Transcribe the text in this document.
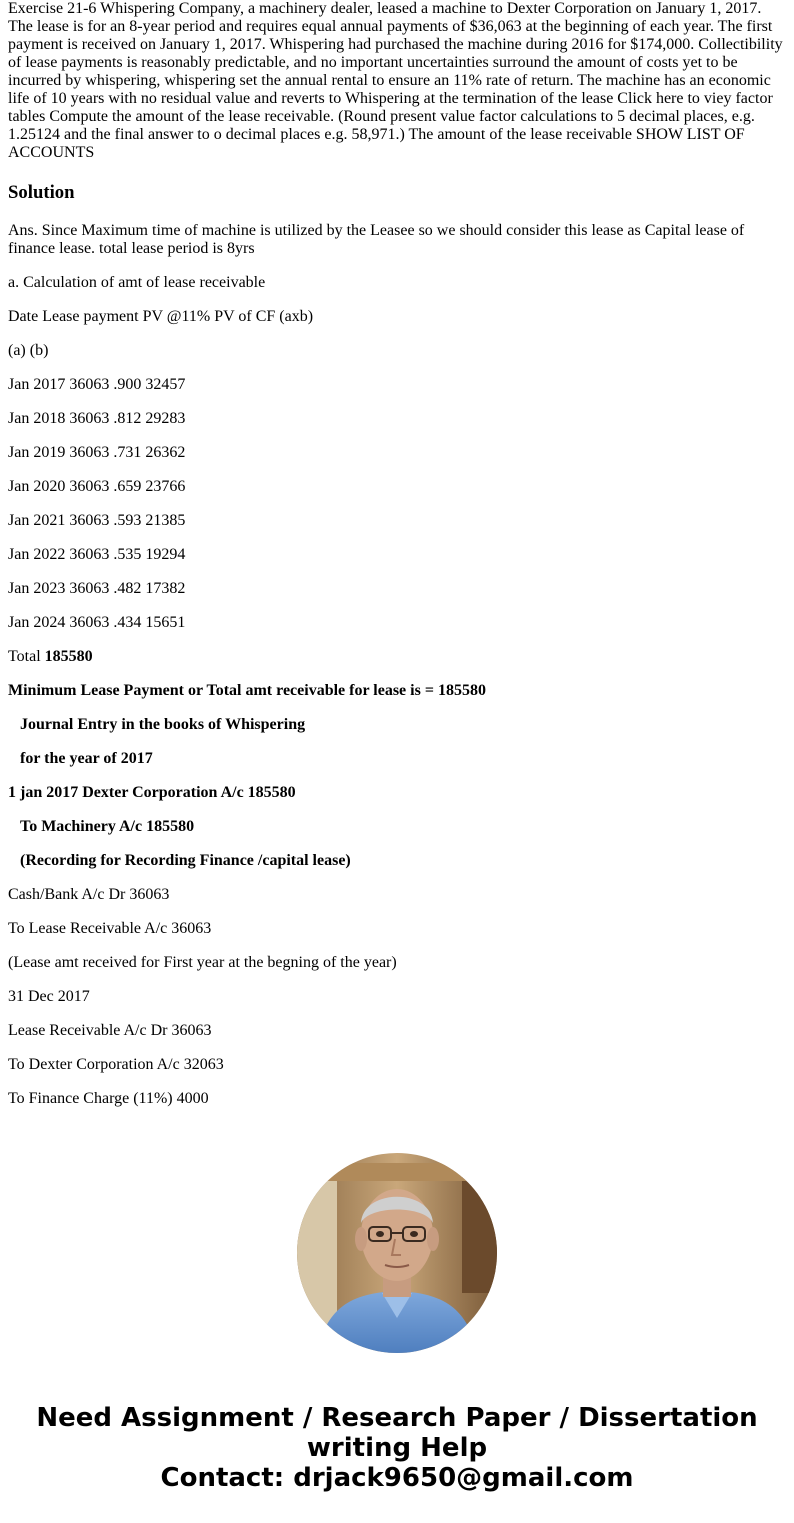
Exercise 21-6 Whispering Company, a machinery dealer, leased a machine to Dexter Corporation on January 1, 2017. The lease is for an 8-year period and requires equal annual payments of $36,063 at the beginning of each year. The first payment is received on January 1, 2017. Whispering had purchased the machine during 2016 for $174,000. Collectibility of lease payments is reasonably predictable, and no important uncertainties surround the amount of costs yet to be incurred by whispering, whispering set the annual rental to ensure an 11% rate of return. The machine has an economic life of 10 years with no residual value and reverts to Whispering at the termination of the lease Click here to viey factor tables Compute the amount of the lease receivable. (Round present value factor calculations to 5 decimal places, e.g. 1.25124 and the final answer to o decimal places e.g. 58,971.) The amount of the lease receivable SHOW LIST OF ACCOUNTS
Solution

Ans. Since Maximum time of machine is utilized by the Leasee so we should consider this lease as Capital lease of finance lease. total lease period is 8yrs

a. Calculation of amt of lease receivable

Date Lease payment PV @11% PV of CF (axb)

(a) (b)

Jan 2017 36063 .900 32457

Jan 2018 36063 .812 29283

Jan 2019 36063 .731 26362

Jan 2020 36063 .659 23766

Jan 2021 36063 .593 21385

Jan 2022 36063 .535 19294

Jan 2023 36063 .482 17382

Jan 2024 36063 .434 15651

Total 185580

Minimum Lease Payment or Total amt receivable for lease is = 185580

Journal Entry in the books of Whispering

for the year of 2017

1 jan 2017 Dexter Corporation A/c 185580

To Machinery A/c 185580

(Recording for Recording Finance /capital lease)

Cash/Bank A/c Dr 36063

To Lease Receivable A/c 36063

(Lease amt received for First year at the begning of the year)

31 Dec 2017

Lease Receivable A/c Dr 36063

To Dexter Corporation A/c 32063

To Finance Charge (11%) 4000

Need Assignment / Research Paper / Dissertation
writing Help
Contact: drjack9650@gmail.com
